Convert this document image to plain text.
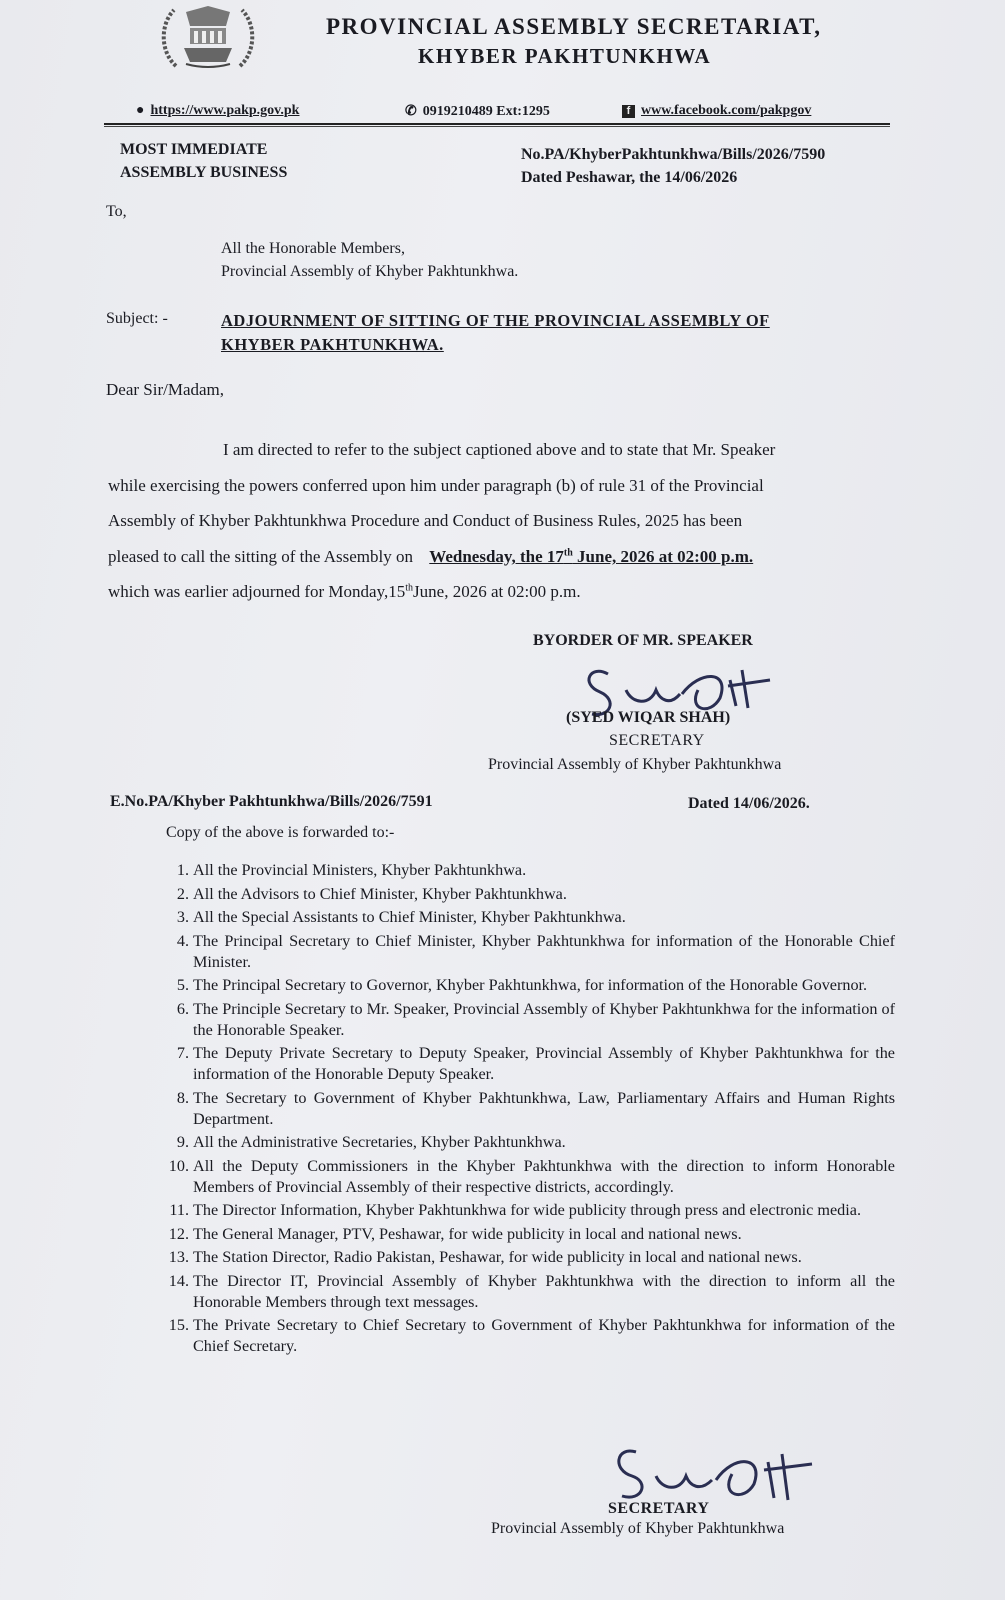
PROVINCIAL ASSEMBLY SECRETARIAT,
KHYBER PAKHTUNKHWA
● https://www.pakp.gov.pk	✆ 0919210489 Ext:1295	f www.facebook.com/pakpgov
MOST IMMEDIATE
ASSEMBLY BUSINESS
No.PA/KhyberPakhtunkhwa/Bills/2026/7590
Dated Peshawar, the 14/06/2026
To,
All the Honorable Members,
Provincial Assembly of Khyber Pakhtunkhwa.
Subject: -	ADJOURNMENT OF SITTING OF THE PROVINCIAL ASSEMBLY OF
KHYBER PAKHTUNKHWA.
Dear Sir/Madam,
I am directed to refer to the subject captioned above and to state that Mr. Speaker
while exercising the powers conferred upon him under paragraph (b) of rule 31 of the Provincial
Assembly of Khyber Pakhtunkhwa Procedure and Conduct of Business Rules, 2025 has been
pleased to call the sitting of the Assembly on Wednesday, the 17th June, 2026 at 02:00 p.m.
which was earlier adjourned for Monday,15thJune, 2026 at 02:00 p.m.
BYORDER OF MR. SPEAKER
(SYED WIQAR SHAH)
SECRETARY
Provincial Assembly of Khyber Pakhtunkhwa
E.No.PA/Khyber Pakhtunkhwa/Bills/2026/7591	Dated 14/06/2026.
Copy of the above is forwarded to:-
1. All the Provincial Ministers, Khyber Pakhtunkhwa.
2. All the Advisors to Chief Minister, Khyber Pakhtunkhwa.
3. All the Special Assistants to Chief Minister, Khyber Pakhtunkhwa.
4. The Principal Secretary to Chief Minister, Khyber Pakhtunkhwa for information of the Honorable Chief Minister.
5. The Principal Secretary to Governor, Khyber Pakhtunkhwa, for information of the Honorable Governor.
6. The Principle Secretary to Mr. Speaker, Provincial Assembly of Khyber Pakhtunkhwa for the information of the Honorable Speaker.
7. The Deputy Private Secretary to Deputy Speaker, Provincial Assembly of Khyber Pakhtunkhwa for the information of the Honorable Deputy Speaker.
8. The Secretary to Government of Khyber Pakhtunkhwa, Law, Parliamentary Affairs and Human Rights Department.
9. All the Administrative Secretaries, Khyber Pakhtunkhwa.
10. All the Deputy Commissioners in the Khyber Pakhtunkhwa with the direction to inform Honorable Members of Provincial Assembly of their respective districts, accordingly.
11. The Director Information, Khyber Pakhtunkhwa for wide publicity through press and electronic media.
12. The General Manager, PTV, Peshawar, for wide publicity in local and national news.
13. The Station Director, Radio Pakistan, Peshawar, for wide publicity in local and national news.
14. The Director IT, Provincial Assembly of Khyber Pakhtunkhwa with the direction to inform all the Honorable Members through text messages.
15. The Private Secretary to Chief Secretary to Government of Khyber Pakhtunkhwa for information of the Chief Secretary.
SECRETARY
Provincial Assembly of Khyber Pakhtunkhwa
